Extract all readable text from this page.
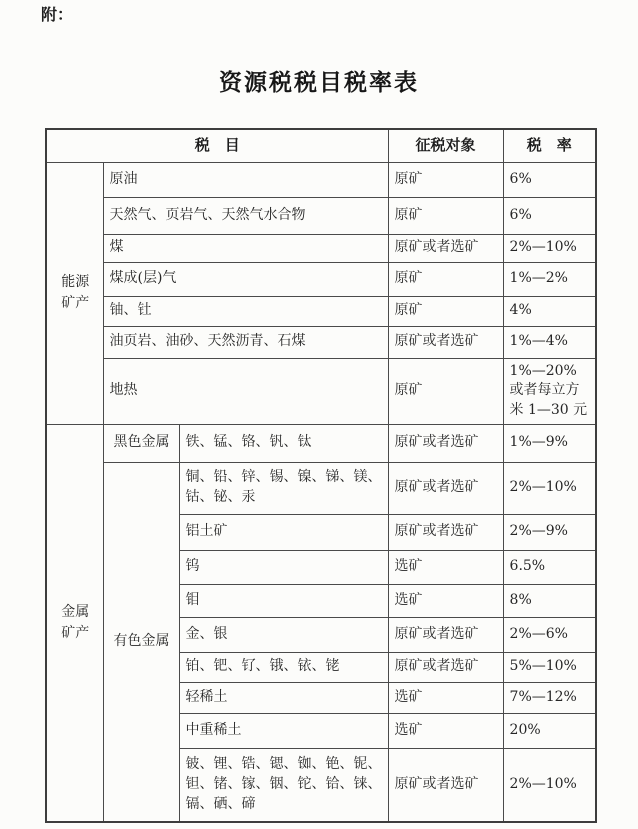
附：
资源税税目税率表
税　目			征税对象	税　率
能源矿产	原油		原矿	6%
	天然气、页岩气、天然气水合物		原矿	6%
	煤		原矿或者选矿	2%—10%
	煤成(层)气		原矿	1%—2%
	铀、钍		原矿	4%
	油页岩、油砂、天然沥青、石煤		原矿或者选矿	1%—4%
	地热		原矿	1%—20%或者每立方米 1—30 元
金属矿产	黑色金属	铁、锰、铬、钒、钛	原矿或者选矿	1%—9%
	有色金属	铜、铅、锌、锡、镍、锑、镁、钴、铋、汞	原矿或者选矿	2%—10%
		铝土矿	原矿或者选矿	2%—9%
		钨	选矿	6.5%
		钼	选矿	8%
		金、银	原矿或者选矿	2%—6%
		铂、钯、钌、锇、铱、铑	原矿或者选矿	5%—10%
		轻稀土	选矿	7%—12%
		中重稀土	选矿	20%
		铍、锂、锆、锶、铷、铯、铌、钽、锗、镓、铟、铊、铪、铼、镉、硒、碲	原矿或者选矿	2%—10%
